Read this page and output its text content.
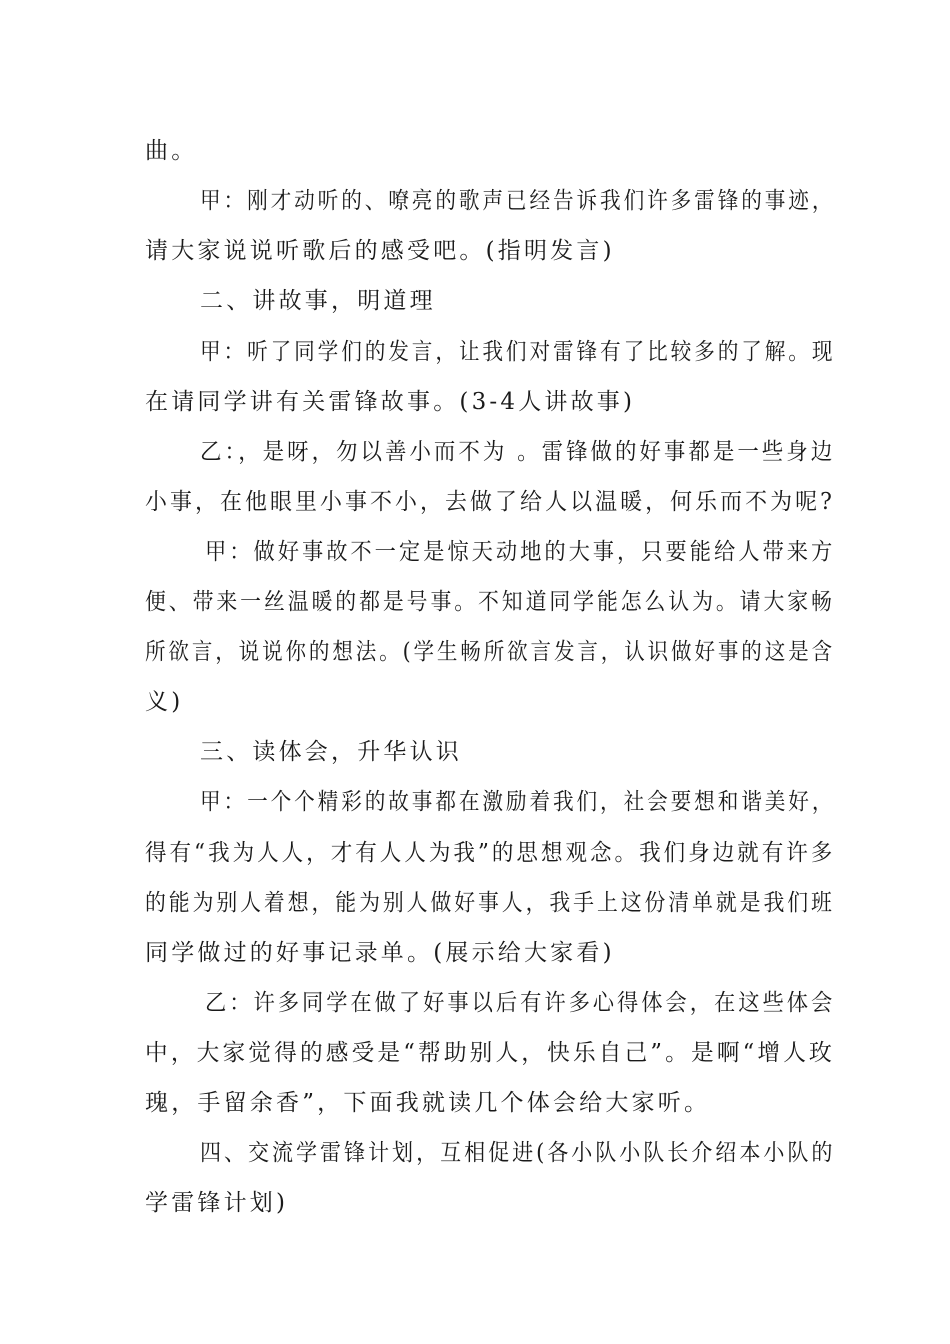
曲。
甲：刚才动听的、嘹亮的歌声已经告诉我们许多雷锋的事迹，
请大家说说听歌后的感受吧。(指明发言)
二、讲故事，明道理
甲：听了同学们的发言，让我们对雷锋有了比较多的了解。现
在请同学讲有关雷锋故事。(3-4人讲故事)
乙：，是呀，勿以善小而不为 。雷锋做的好事都是一些身边
小事，在他眼里小事不小，去做了给人以温暖，何乐而不为呢?
甲：做好事故不一定是惊天动地的大事，只要能给人带来方
便、带来一丝温暖的都是号事。不知道同学能怎么认为。请大家畅
所欲言，说说你的想法。(学生畅所欲言发言，认识做好事的这是含
义)
三、读体会，升华认识
甲：一个个精彩的故事都在激励着我们，社会要想和谐美好，
得有“我为人人，才有人人为我”的思想观念。我们身边就有许多
的能为别人着想，能为别人做好事人，我手上这份清单就是我们班
同学做过的好事记录单。(展示给大家看)
乙：许多同学在做了好事以后有许多心得体会，在这些体会
中，大家觉得的感受是“帮助别人，快乐自己”。是啊“增人玫
瑰，手留余香”，下面我就读几个体会给大家听。
四、交流学雷锋计划，互相促进(各小队小队长介绍本小队的
学雷锋计划)
